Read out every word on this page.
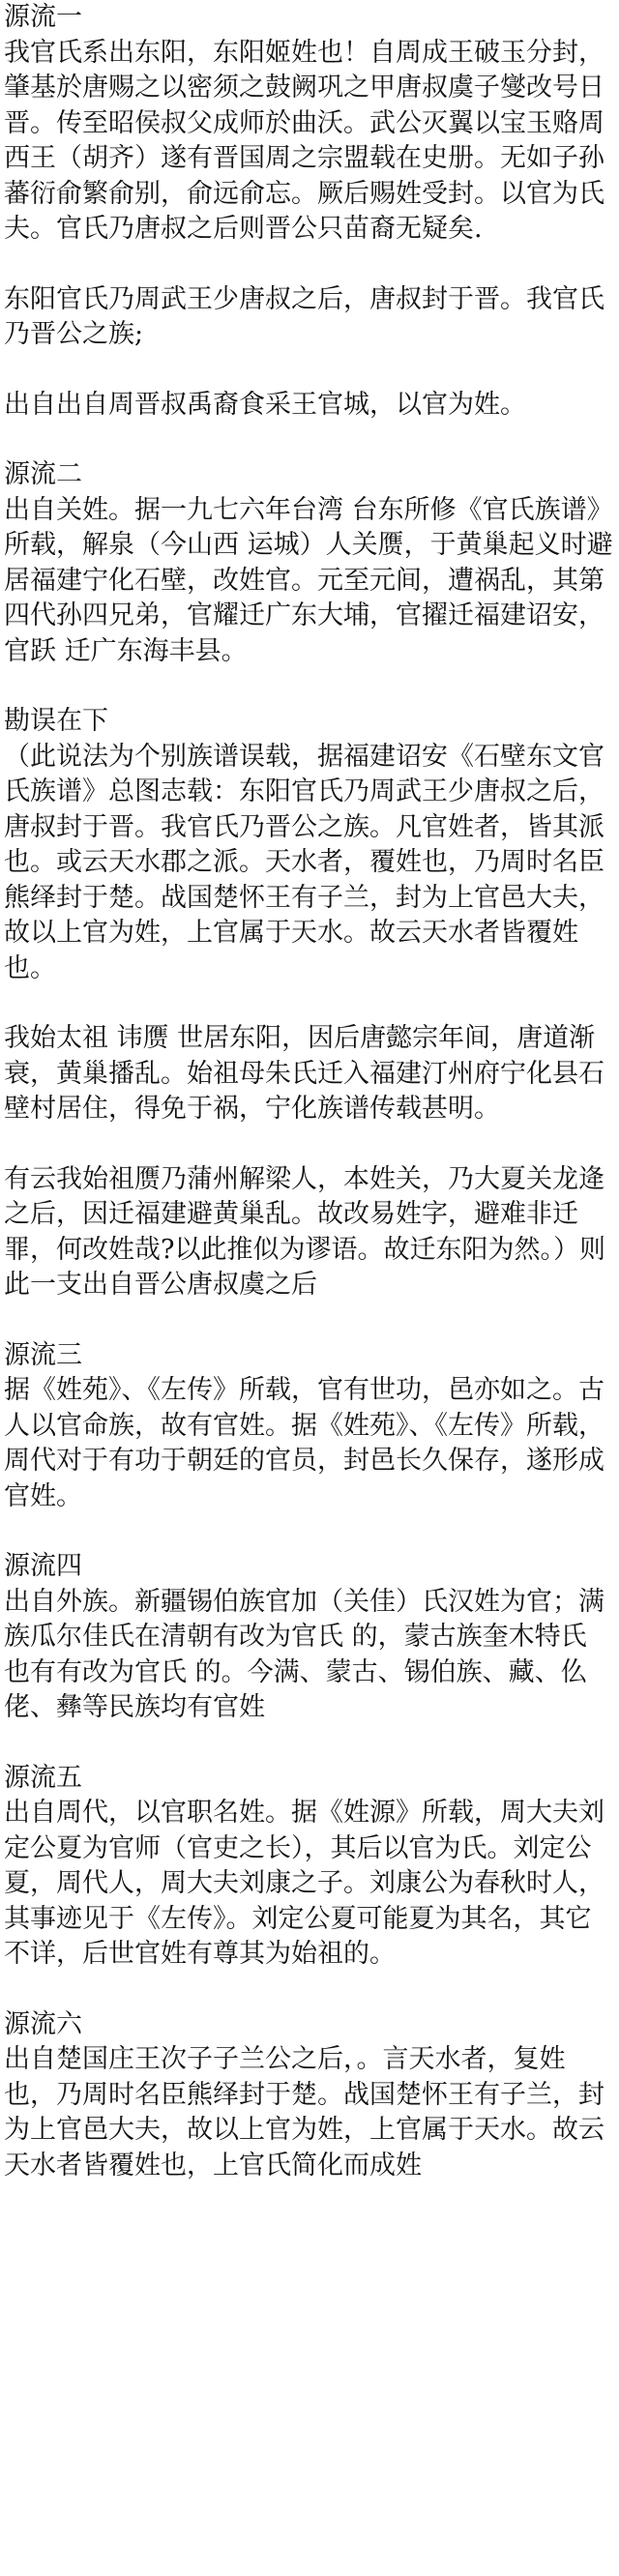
源流一
我官氏系出东阳，东阳姬姓也！自周成王破玉分封，肇基於唐赐之以密须之鼓阙巩之甲唐叔虞子燮改号日晋。传至昭侯叔父成师於曲沃。武公灭翼以宝玉赂周西王（胡齐）遂有晋国周之宗盟载在史册。无如子孙蕃衍俞繁俞别，俞远俞忘。厥后赐姓受封。以官为氏夫。官氏乃唐叔之后则晋公只苗裔无疑矣.
东阳官氏乃周武王少唐叔之后，唐叔封于晋。我官氏乃晋公之族;
出自出自周晋叔禹裔食采王官城，以官为姓。
源流二
出自关姓。据一九七六年台湾 台东所修《官氏族谱》所载，解泉（今山西 运城）人关赝，于黄巢起义时避居福建宁化石壁，改姓官。元至元间，遭祸乱，其第四代孙四兄弟，官耀迁广东大埔，官擢迁福建诏安，官跃 迁广东海丰县。
勘误在下
（此说法为个别族谱误载，据福建诏安《石壁东文官氏族谱》总图志载：东阳官氏乃周武王少唐叔之后，唐叔封于晋。我官氏乃晋公之族。凡官姓者，皆其派也。或云天水郡之派。天水者，覆姓也，乃周时名臣熊绎封于楚。战国楚怀王有子兰，封为上官邑大夫，故以上官为姓，上官属于天水。故云天水者皆覆姓也。
我始太祖 讳赝 世居东阳，因后唐懿宗年间，唐道渐衰，黄巢播乱。始祖母朱氏迁入福建汀州府宁化县石壁村居住，得免于祸，宁化族谱传载甚明。
有云我始祖赝乃蒲州解梁人，本姓关，乃大夏关龙逄之后，因迁福建避黄巢乱。故改易姓字，避难非迁罪，何改姓哉?以此推似为谬语。故迁东阳为然。）则此一支出自晋公唐叔虞之后
源流三
据《姓苑》、《左传》所载，官有世功，邑亦如之。古人以官命族，故有官姓。据《姓苑》、《左传》所载，周代对于有功于朝廷的官员，封邑长久保存，遂形成官姓。
源流四
出自外族。新疆锡伯族官加（关佳）氏汉姓为官；满族瓜尔佳氏在清朝有改为官氏 的，蒙古族奎木特氏 也有有改为官氏 的。今满、蒙古、锡伯族、藏、仫佬、彝等民族均有官姓
源流五
出自周代，以官职名姓。据《姓源》所载，周大夫刘定公夏为官师（官吏之长），其后以官为氏。刘定公夏，周代人，周大夫刘康之子。刘康公为春秋时人，其事迹见于《左传》。刘定公夏可能夏为其名，其它不详，后世官姓有尊其为始祖的。
源流六
出自楚国庄王次子子兰公之后，。言天水者，复姓也，乃周时名臣熊绎封于楚。战国楚怀王有子兰，封为上官邑大夫，故以上官为姓，上官属于天水。故云天水者皆覆姓也，上官氏简化而成姓
